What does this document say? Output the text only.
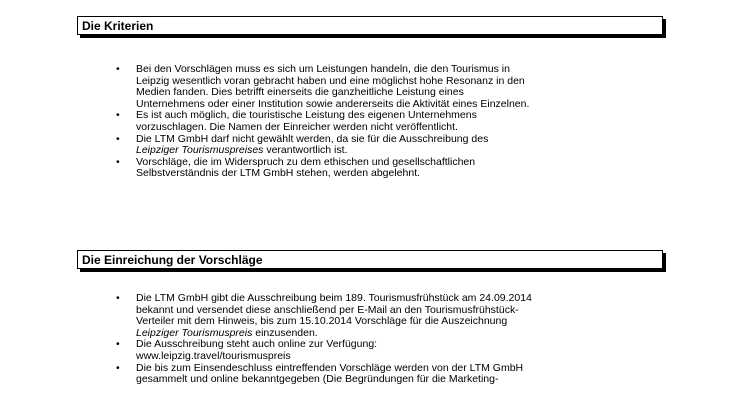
Die Kriterien
• Bei den Vorschlägen muss es sich um Leistungen handeln, die den Tourismus in
Leipzig wesentlich voran gebracht haben und eine möglichst hohe Resonanz in den
Medien fanden. Dies betrifft einerseits die ganzheitliche Leistung eines
Unternehmens oder einer Institution sowie andererseits die Aktivität eines Einzelnen.
• Es ist auch möglich, die touristische Leistung des eigenen Unternehmens
vorzuschlagen. Die Namen der Einreicher werden nicht veröffentlicht.
• Die LTM GmbH darf nicht gewählt werden, da sie für die Ausschreibung des
Leipziger Tourismuspreises verantwortlich ist.
• Vorschläge, die im Widerspruch zu dem ethischen und gesellschaftlichen
Selbstverständnis der LTM GmbH stehen, werden abgelehnt.
Die Einreichung der Vorschläge
• Die LTM GmbH gibt die Ausschreibung beim 189. Tourismusfrühstück am 24.09.2014
bekannt und versendet diese anschließend per E-Mail an den Tourismusfrühstück-
Verteiler mit dem Hinweis, bis zum 15.10.2014 Vorschläge für die Auszeichnung
Leipziger Tourismuspreis einzusenden.
• Die Ausschreibung steht auch online zur Verfügung:
www.leipzig.travel/tourismuspreis
• Die bis zum Einsendeschluss eintreffenden Vorschläge werden von der LTM GmbH
gesammelt und online bekanntgegeben (Die Begründungen für die Marketing-
